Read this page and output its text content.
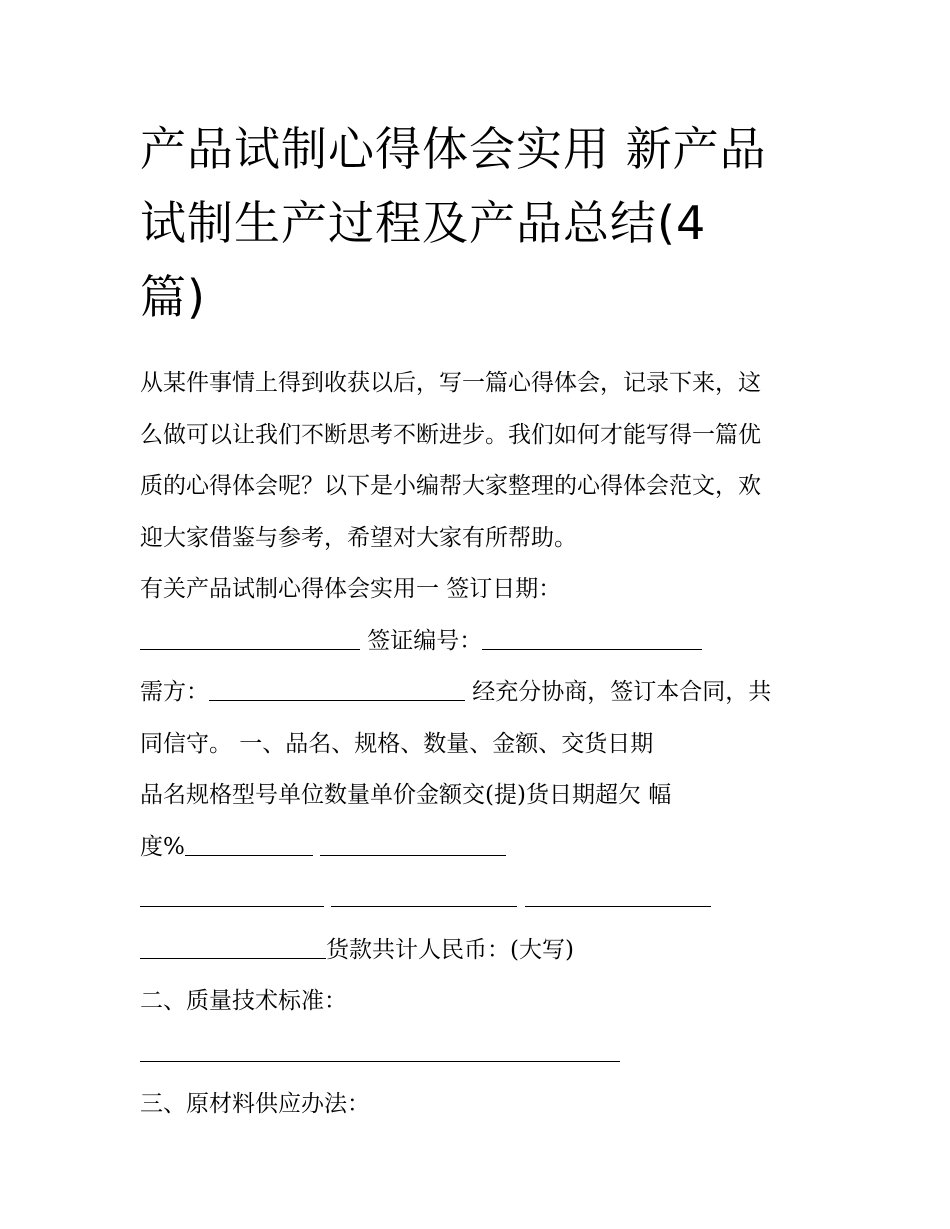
产品试制心得体会实用 新产品
试制生产过程及产品总结(4
篇)
从某件事情上得到收获以后，写一篇心得体会，记录下来，这
么做可以让我们不断思考不断进步。我们如何才能写得一篇优
质的心得体会呢？以下是小编帮大家整理的心得体会范文，欢
迎大家借鉴与参考，希望对大家有所帮助。
有关产品试制心得体会实用一 签订日期：
签证编号：
需方：	经充分协商，签订本合同，共
同信守。 一、品名、规格、数量、金额、交货日期
品名规格型号单位数量单价金额交(提)货日期超欠 幅
度%

货款共计人民币：(大写)
二、质量技术标准：
三、原材料供应办法：
